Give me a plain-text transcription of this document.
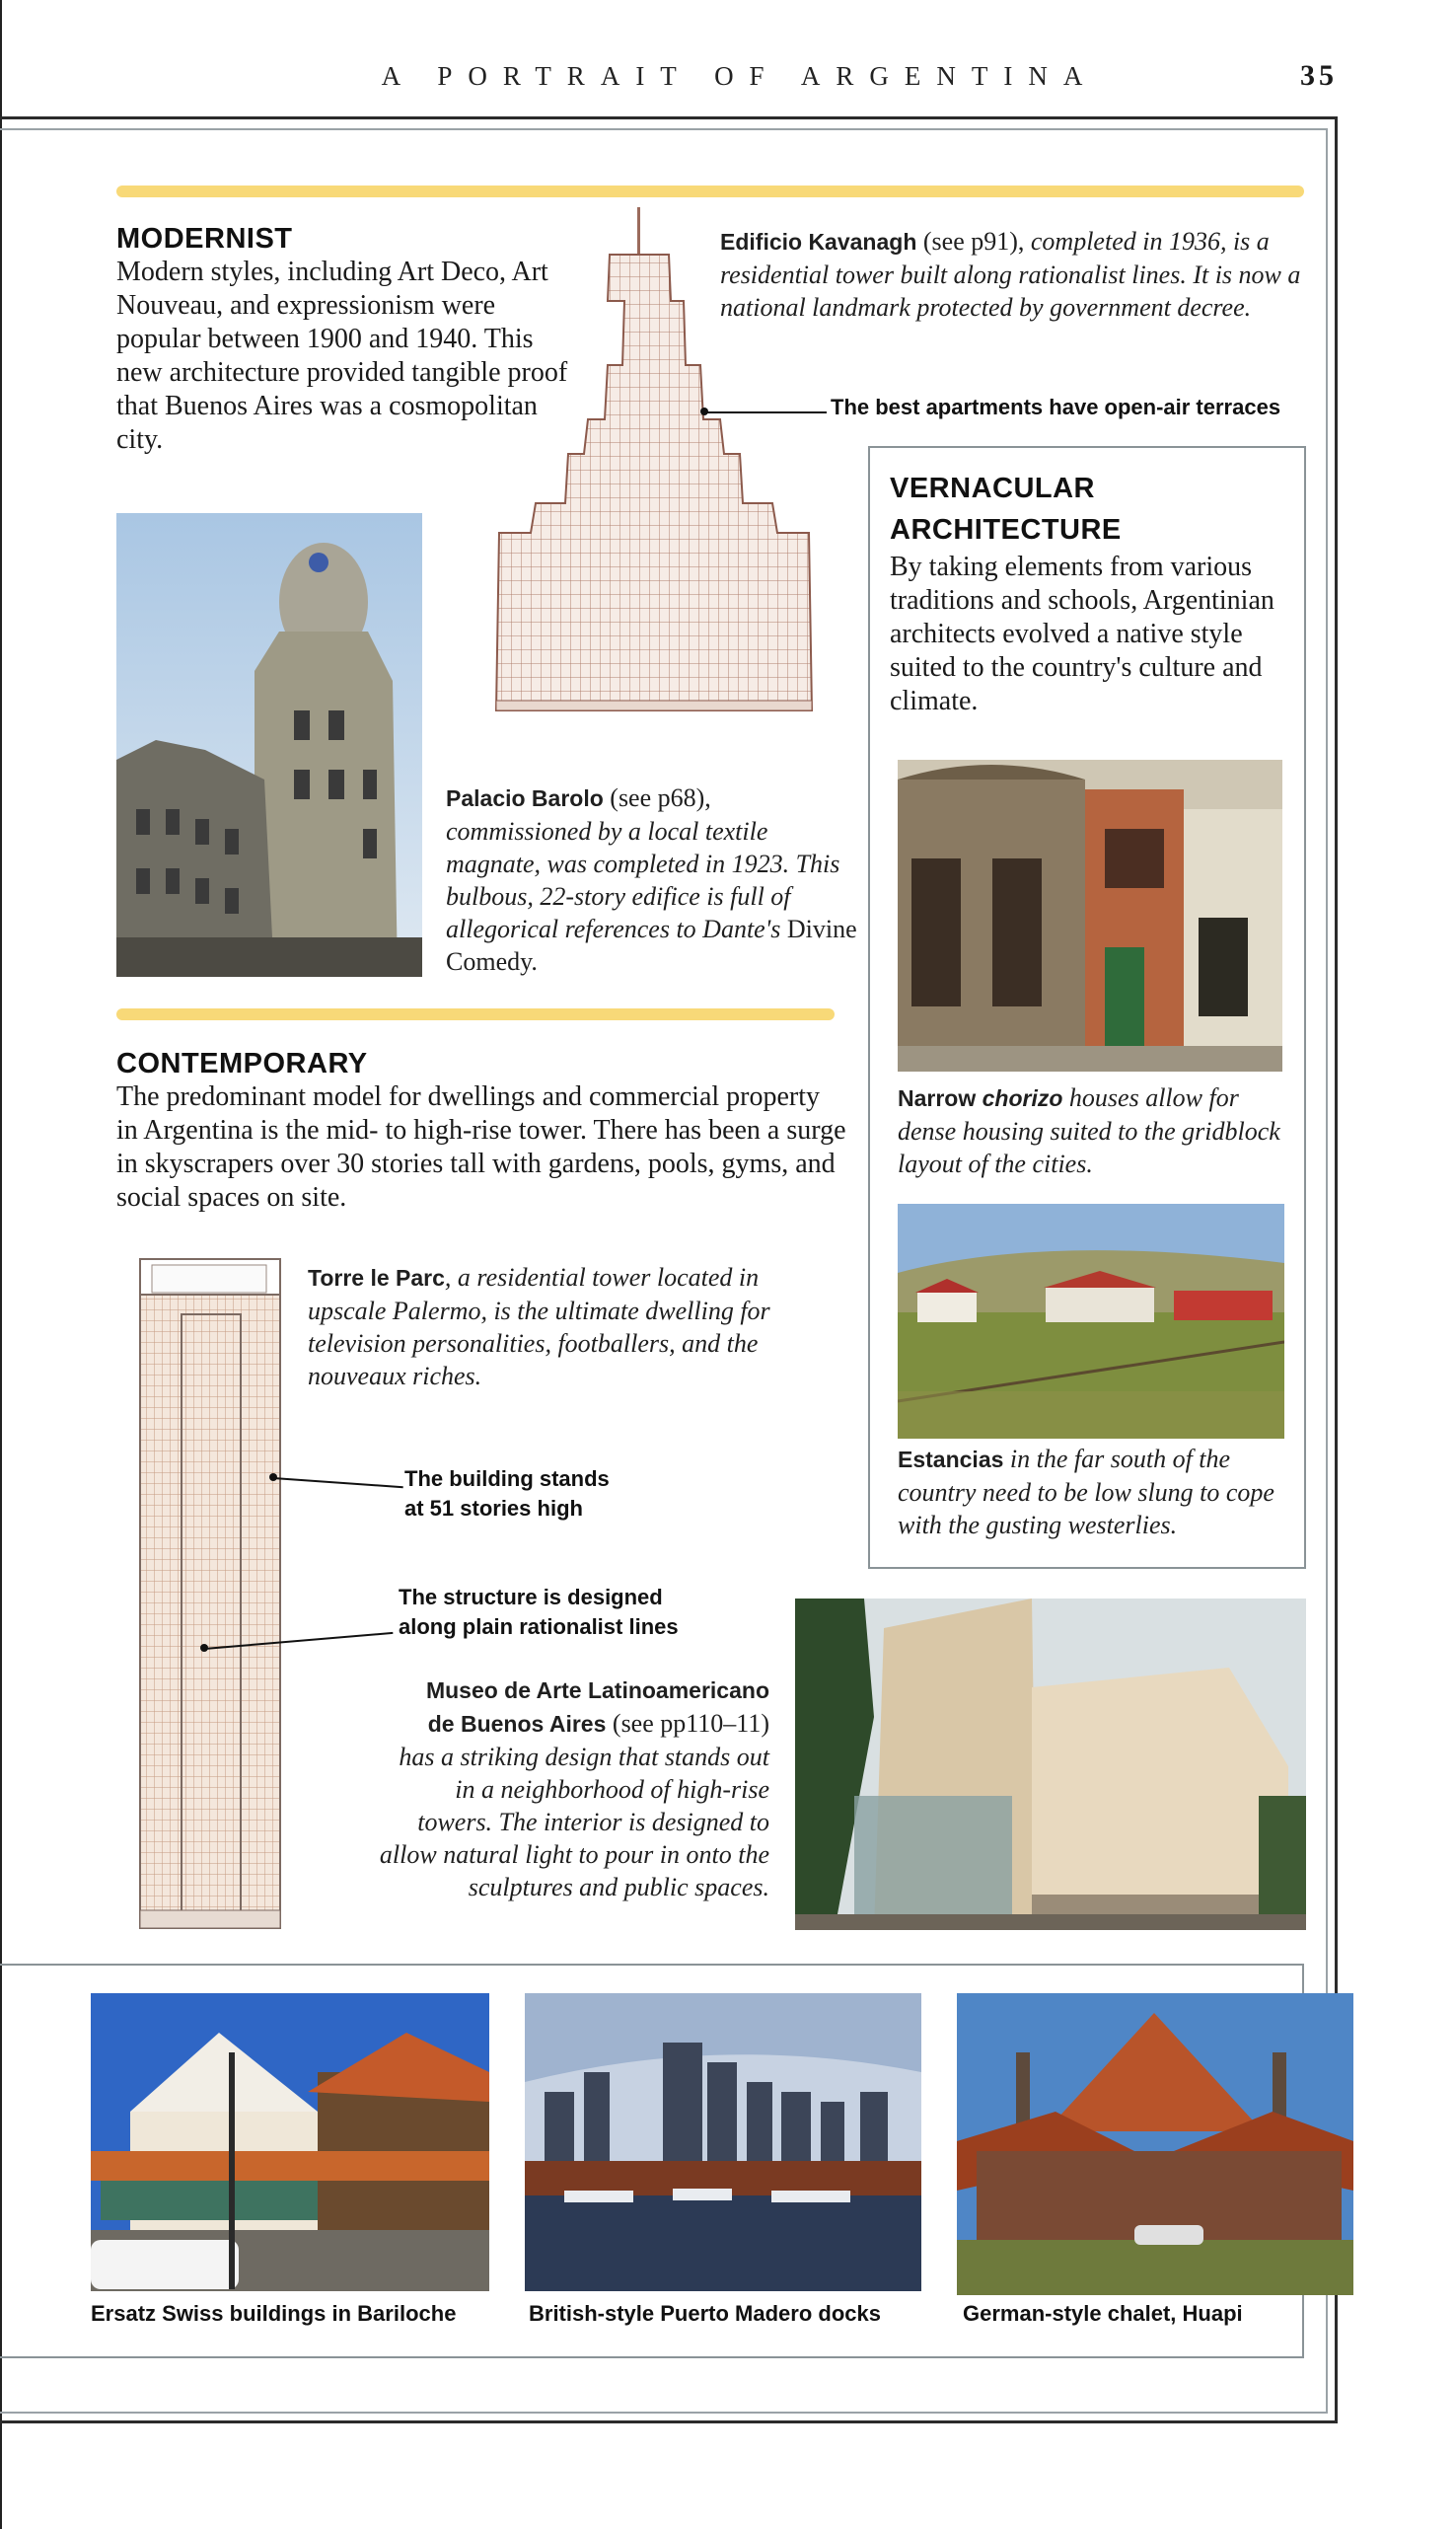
A PORTRAIT OF ARGENTINA	35
MODERNIST
Modern styles, including Art Deco, Art Nouveau, and expressionism were popular between 1900 and 1940. This new architecture provided tangible proof that Buenos Aires was a cosmopolitan city.
Edificio Kavanagh (see p91), completed in 1936, is a residential tower built along rationalist lines. It is now a national landmark protected by government decree.
The best apartments have open-air terraces
Palacio Barolo (see p68), commissioned by a local textile magnate, was completed in 1923. This bulbous, 22-story edifice is full of allegorical references to Dante's Divine Comedy.
VERNACULAR
ARCHITECTURE
By taking elements from various traditions and schools, Argentinian architects evolved a native style suited to the country's culture and climate.
Narrow chorizo houses allow for dense housing suited to the gridblock layout of the cities.
Estancias in the far south of the country need to be low slung to cope with the gusting westerlies.
CONTEMPORARY
The predominant model for dwellings and commercial property in Argentina is the mid- to high-rise tower. There has been a surge in skyscrapers over 30 stories tall with gardens, pools, gyms, and social spaces on site.
Torre le Parc, a residential tower located in upscale Palermo, is the ultimate dwelling for television personalities, footballers, and the nouveaux riches.
The building stands
at 51 stories high
The structure is designed
along plain rationalist lines
Museo de Arte Latinoamericano
de Buenos Aires (see pp110–11)
has a striking design that stands out in a neighborhood of high-rise towers. The interior is designed to allow natural light to pour in onto the sculptures and public spaces.
Ersatz Swiss buildings in Bariloche	British-style Puerto Madero docks	German-style chalet, Huapi
